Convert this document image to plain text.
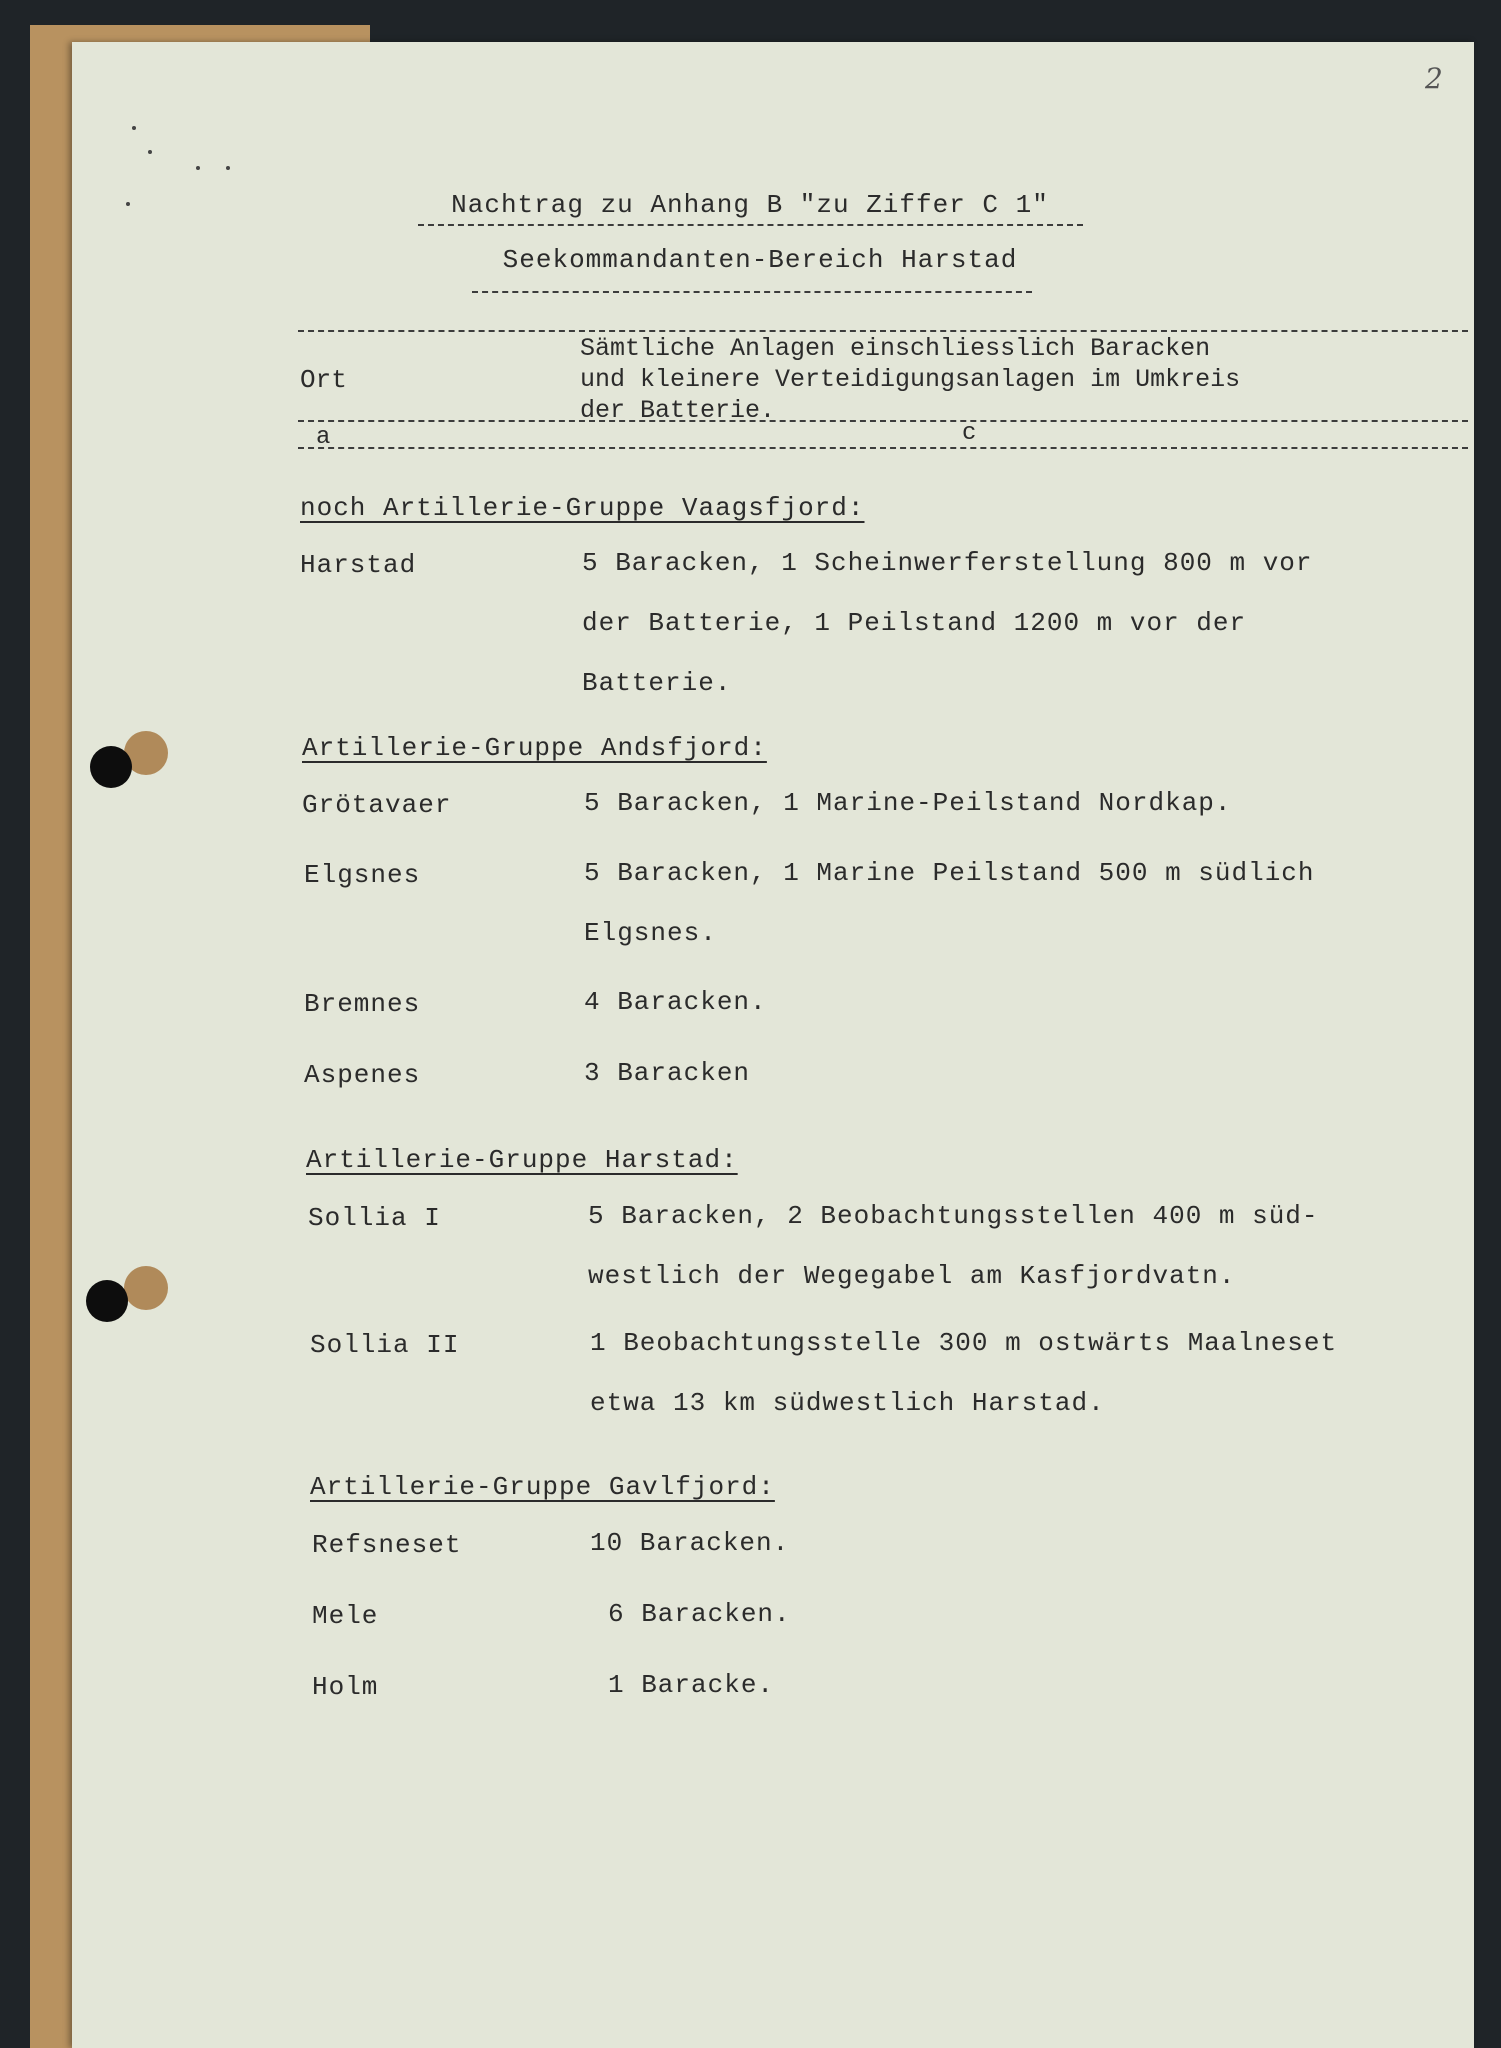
2
Nachtrag zu Anhang B "zu Ziffer C 1"
Seekommandanten-Bereich Harstad
Ort
Sämtliche Anlagen einschliesslich Baracken
und kleinere Verteidigungsanlagen im Umkreis
der Batterie.
a	c
noch Artillerie-Gruppe Vaagsfjord:
Harstad	5 Baracken, 1 Scheinwerferstellung 800 m vor
der Batterie, 1 Peilstand 1200 m vor der
Batterie.
Artillerie-Gruppe Andsfjord:
Grötavaer	5 Baracken, 1 Marine-Peilstand Nordkap.
Elgsnes	5 Baracken, 1 Marine Peilstand 500 m südlich
Elgsnes.
Bremnes	4 Baracken.
Aspenes	3 Baracken
Artillerie-Gruppe Harstad:
Sollia I	5 Baracken, 2 Beobachtungsstellen 400 m süd-
westlich der Wegegabel am Kasfjordvatn.
Sollia II	1 Beobachtungsstelle 300 m ostwärts Maalneset
etwa 13 km südwestlich Harstad.
Artillerie-Gruppe Gavlfjord:
Refsneset	10 Baracken.
Mele	6 Baracken.
Holm	1 Baracke.
